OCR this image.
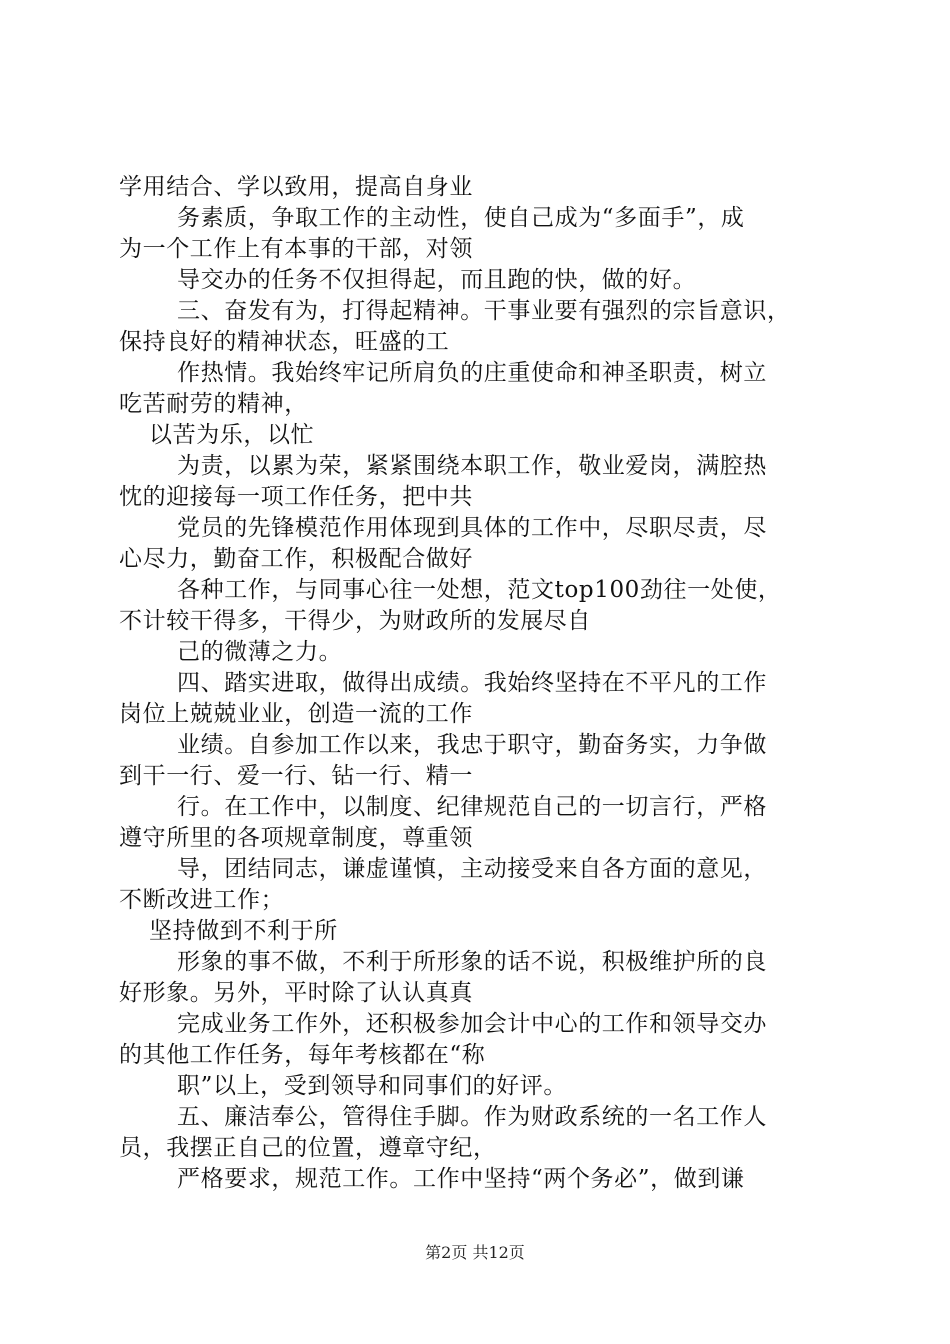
学用结合、学以致用，提高自身业
务素质，争取工作的主动性，使自己成为“多面手”，成
为一个工作上有本事的干部，对领
导交办的任务不仅担得起，而且跑的快，做的好。
三、奋发有为，打得起精神。干事业要有强烈的宗旨意识，
保持良好的精神状态，旺盛的工
作热情。我始终牢记所肩负的庄重使命和神圣职责，树立
吃苦耐劳的精神，
以苦为乐，以忙
为责，以累为荣，紧紧围绕本职工作，敬业爱岗，满腔热
忱的迎接每一项工作任务，把中共
党员的先锋模范作用体现到具体的工作中，尽职尽责，尽
心尽力，勤奋工作，积极配合做好
各种工作，与同事心往一处想，范文top100劲往一处使，
不计较干得多，干得少，为财政所的发展尽自
己的微薄之力。
四、踏实进取，做得出成绩。我始终坚持在不平凡的工作
岗位上兢兢业业，创造一流的工作
业绩。自参加工作以来，我忠于职守，勤奋务实，力争做
到干一行、爱一行、钻一行、精一
行。在工作中，以制度、纪律规范自己的一切言行，严格
遵守所里的各项规章制度，尊重领
导，团结同志，谦虚谨慎，主动接受来自各方面的意见，
不断改进工作；
坚持做到不利于所
形象的事不做，不利于所形象的话不说，积极维护所的良
好形象。另外，平时除了认认真真
完成业务工作外，还积极参加会计中心的工作和领导交办
的其他工作任务，每年考核都在“称
职”以上，受到领导和同事们的好评。
五、廉洁奉公，管得住手脚。作为财政系统的一名工作人
员，我摆正自己的位置，遵章守纪，
严格要求，规范工作。工作中坚持“两个务必”，做到谦
第2页 共12页
